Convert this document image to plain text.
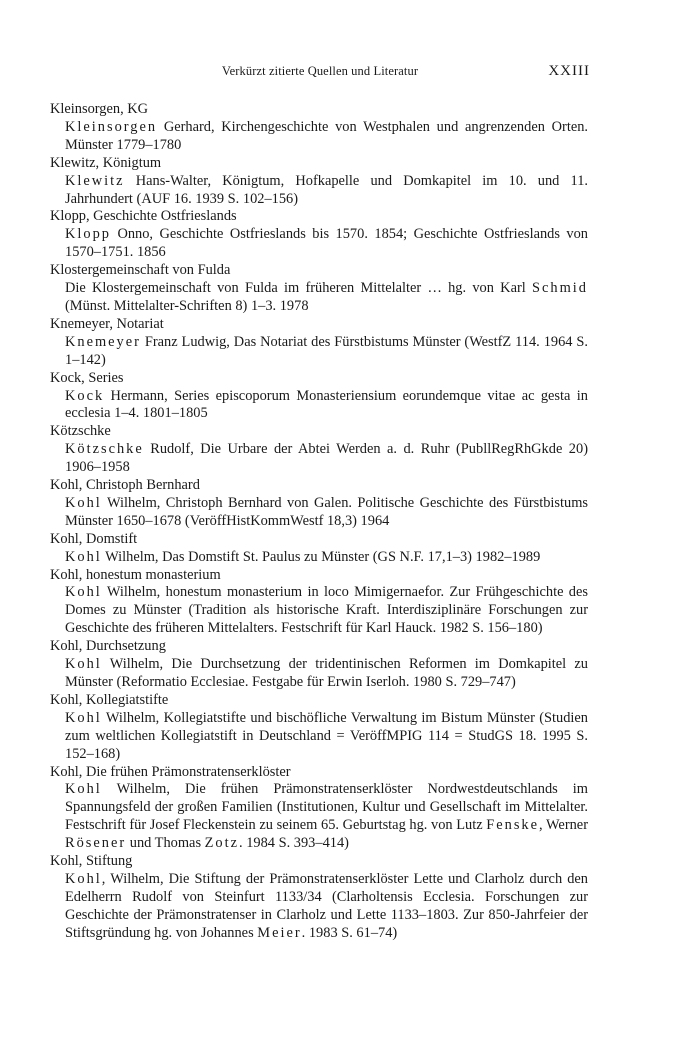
Verkürzt zitierte Quellen und Literatur	XXIII
Kleinsorgen, KG
Kleinsorgen Gerhard, Kirchengeschichte von Westphalen und angrenzenden Orten. Münster 1779–1780
Klewitz, Königtum
Klewitz Hans-Walter, Königtum, Hofkapelle und Domkapitel im 10. und 11. Jahrhundert (AUF 16. 1939 S. 102–156)
Klopp, Geschichte Ostfrieslands
Klopp Onno, Geschichte Ostfrieslands bis 1570. 1854; Geschichte Ostfrieslands von 1570–1751. 1856
Klostergemeinschaft von Fulda
Die Klostergemeinschaft von Fulda im früheren Mittelalter … hg. von Karl Schmid (Münst. Mittelalter-Schriften 8) 1–3. 1978
Knemeyer, Notariat
Knemeyer Franz Ludwig, Das Notariat des Fürstbistums Münster (WestfZ 114. 1964 S. 1–142)
Kock, Series
Kock Hermann, Series episcoporum Monasteriensium eorundemque vitae ac gesta in ecclesia 1–4. 1801–1805
Kötzschke
Kötzschke Rudolf, Die Urbare der Abtei Werden a. d. Ruhr (PubllRegRhGkde 20) 1906–1958
Kohl, Christoph Bernhard
Kohl Wilhelm, Christoph Bernhard von Galen. Politische Geschichte des Fürstbistums Münster 1650–1678 (VeröffHistKommWestf 18,3) 1964
Kohl, Domstift
Kohl Wilhelm, Das Domstift St. Paulus zu Münster (GS N.F. 17,1–3) 1982–1989
Kohl, honestum monasterium
Kohl Wilhelm, honestum monasterium in loco Mimigernaefor. Zur Frühgeschichte des Domes zu Münster (Tradition als historische Kraft. Interdisziplinäre Forschungen zur Geschichte des früheren Mittelalters. Festschrift für Karl Hauck. 1982 S. 156–180)
Kohl, Durchsetzung
Kohl Wilhelm, Die Durchsetzung der tridentinischen Reformen im Domkapitel zu Münster (Reformatio Ecclesiae. Festgabe für Erwin Iserloh. 1980 S. 729–747)
Kohl, Kollegiatstifte
Kohl Wilhelm, Kollegiatstifte und bischöfliche Verwaltung im Bistum Münster (Studien zum weltlichen Kollegiatstift in Deutschland = VeröffMPIG 114 = StudGS 18. 1995 S. 152–168)
Kohl, Die frühen Prämonstratenserklöster
Kohl Wilhelm, Die frühen Prämonstratenserklöster Nordwestdeutschlands im Spannungsfeld der großen Familien (Institutionen, Kultur und Gesellschaft im Mittelalter. Festschrift für Josef Fleckenstein zu seinem 65. Geburtstag hg. von Lutz Fenske, Werner Rösener und Thomas Zotz. 1984 S. 393–414)
Kohl, Stiftung
Kohl, Wilhelm, Die Stiftung der Prämonstratenserklöster Lette und Clarholz durch den Edelherrn Rudolf von Steinfurt 1133/34 (Clarholtensis Ecclesia. Forschungen zur Geschichte der Prämonstratenser in Clarholz und Lette 1133–1803. Zur 850-Jahrfeier der Stiftsgründung hg. von Johannes Meier. 1983 S. 61–74)
